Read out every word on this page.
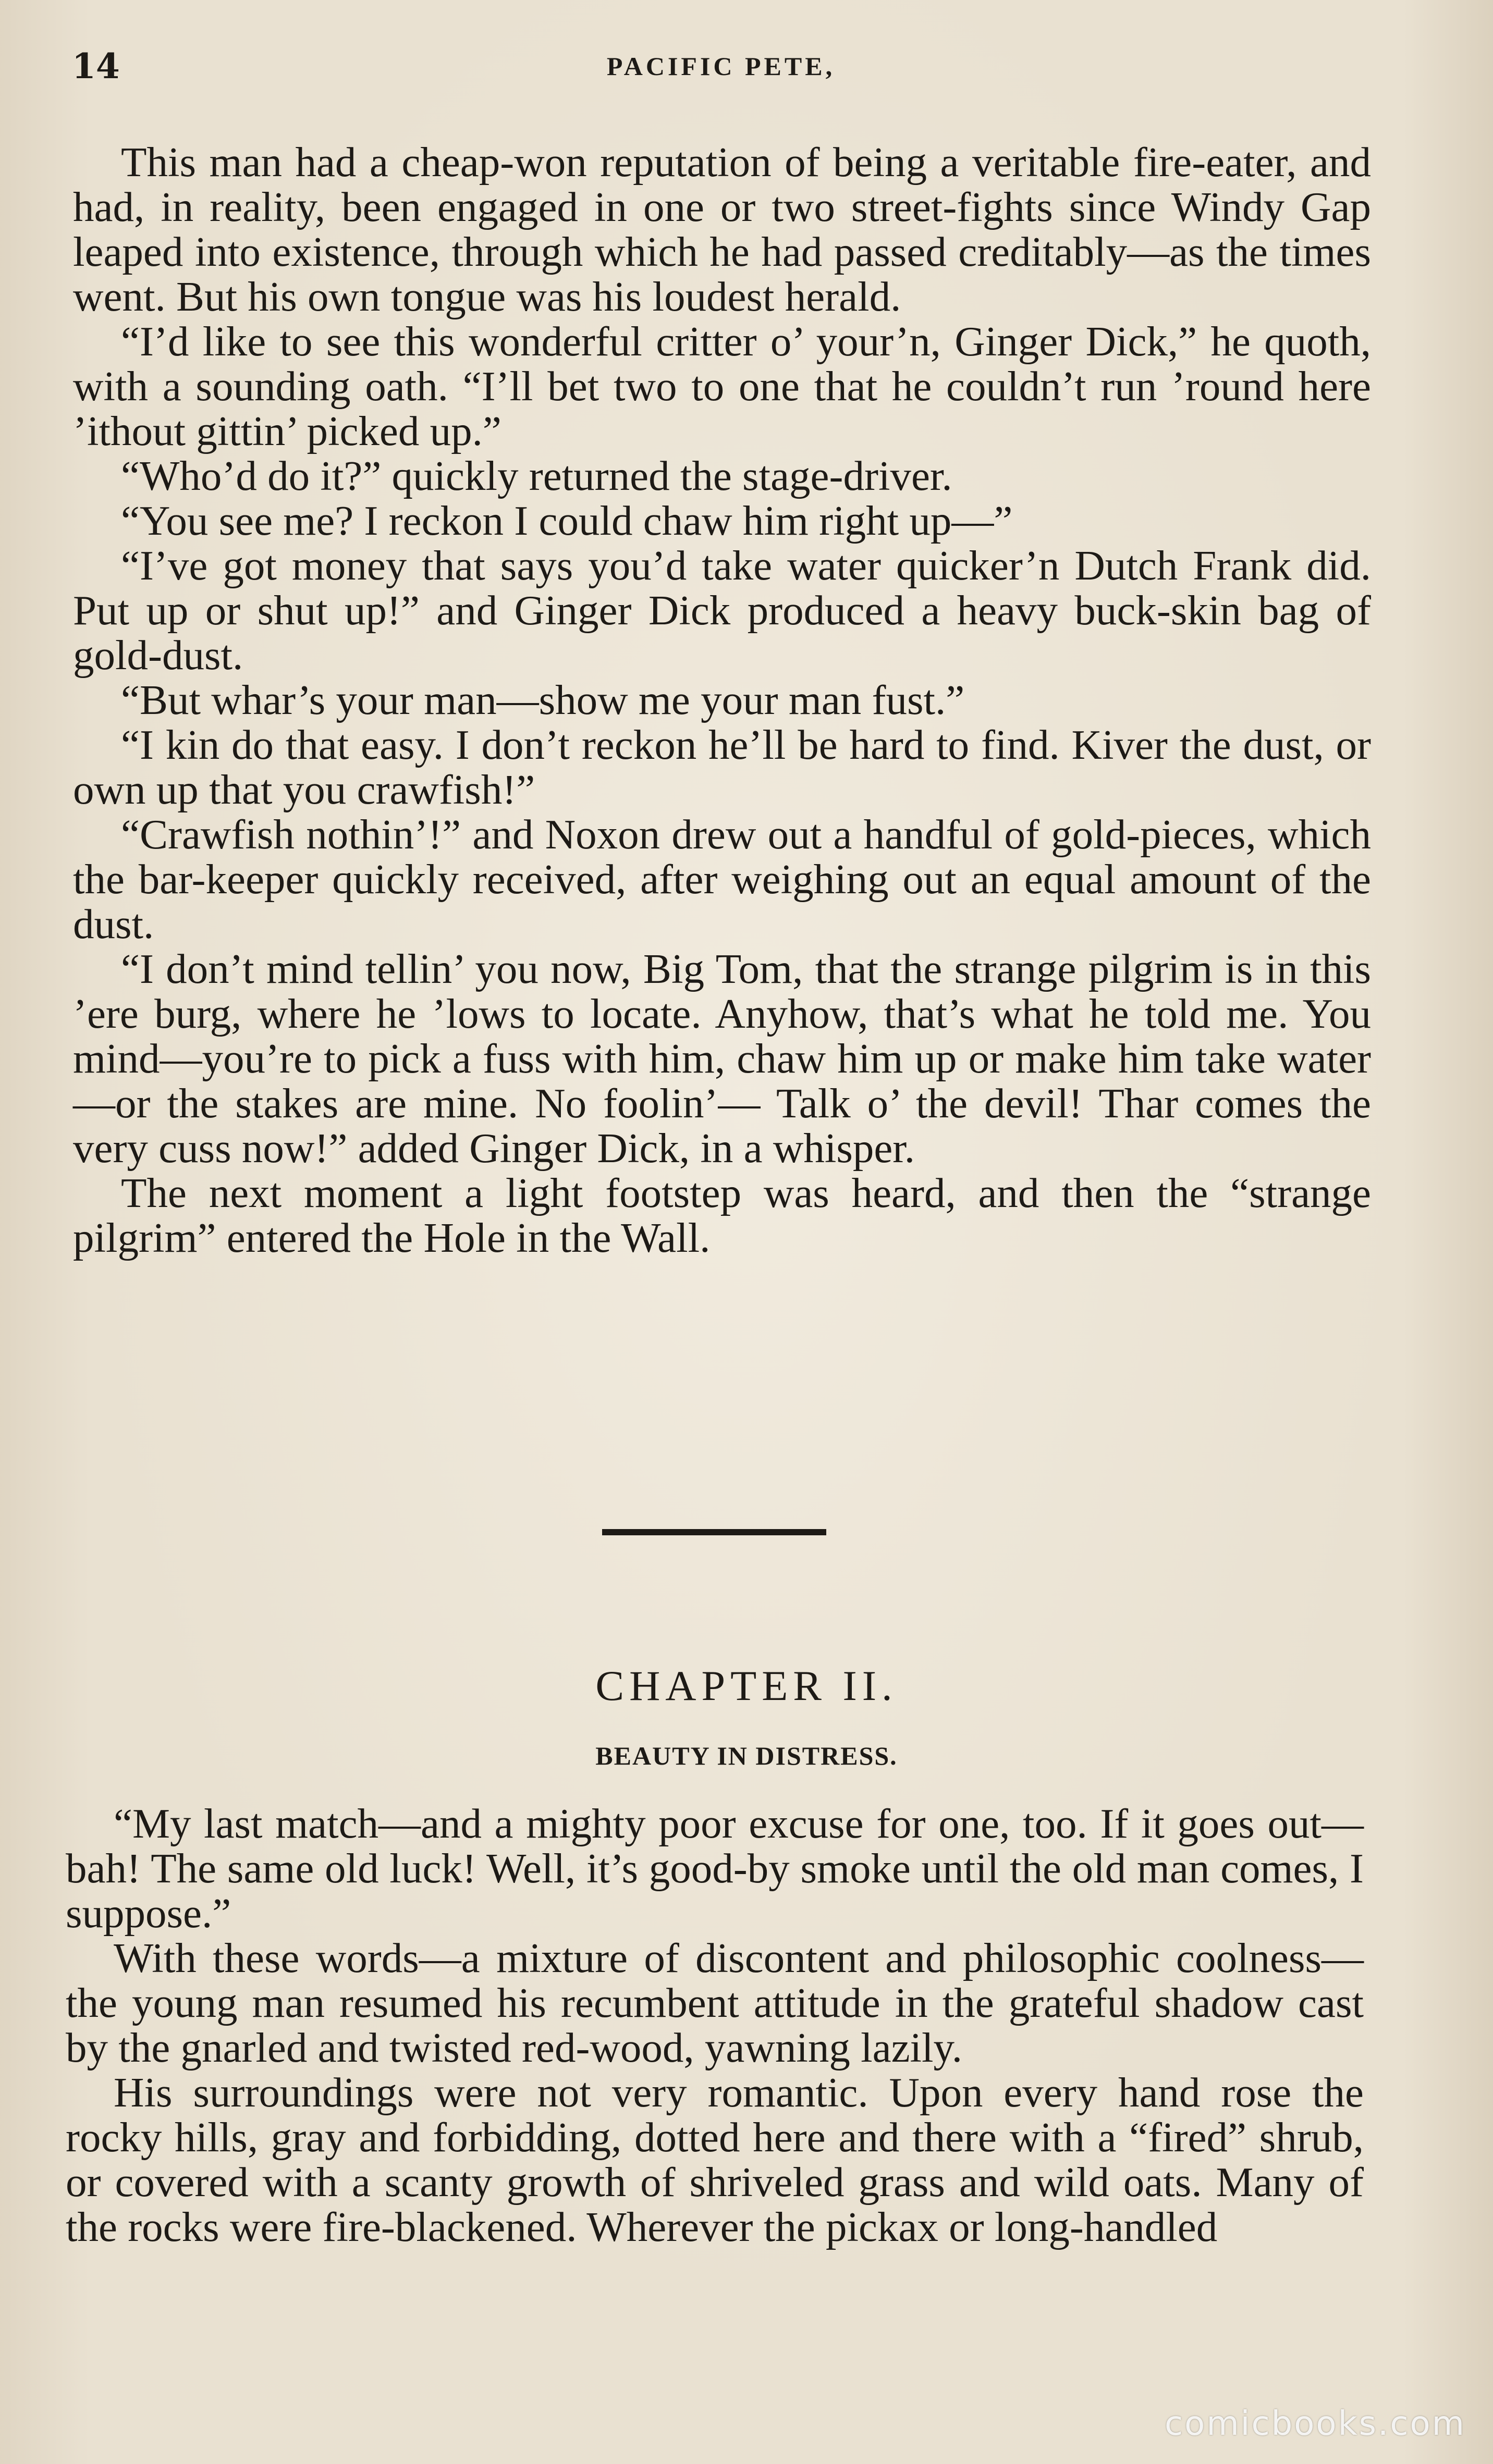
14	PACIFIC PETE,

This man had a cheap-won reputation of being a veritable fire-eater, and had, in reality, been engaged in one or two street-fights since Windy Gap leaped into existence, through which he had passed creditably—as the times went. But his own tongue was his loudest herald.

“I’d like to see this wonderful critter o’ your’n, Ginger Dick,” he quoth, with a sounding oath. “I’ll bet two to one that he couldn’t run ’round here ’ithout gittin’ picked up.”

“Who’d do it?” quickly returned the stage-driver.

“You see me? I reckon I could chaw him right up—”

“I’ve got money that says you’d take water quicker’n Dutch Frank did. Put up or shut up!” and Ginger Dick produced a heavy buck-skin bag of gold-dust.

“But whar’s your man—show me your man fust.”

“I kin do that easy. I don’t reckon he’ll be hard to find. Kiver the dust, or own up that you crawfish!”

“Crawfish nothin’!” and Noxon drew out a handful of gold-pieces, which the bar-keeper quickly received, after weighing out an equal amount of the dust.

“I don’t mind tellin’ you now, Big Tom, that the strange pilgrim is in this ’ere burg, where he ’lows to locate. Anyhow, that’s what he told me. You mind—you’re to pick a fuss with him, chaw him up or make him take water—or the stakes are mine. No foolin’— Talk o’ the devil! Thar comes the very cuss now!” added Ginger Dick, in a whisper.

The next moment a light footstep was heard, and then the “strange pilgrim” entered the Hole in the Wall.

CHAPTER II.
BEAUTY IN DISTRESS.

“My last match—and a mighty poor excuse for one, too. If it goes out—bah! The same old luck! Well, it’s good-by smoke until the old man comes, I suppose.”

With these words—a mixture of discontent and philosophic coolness—the young man resumed his recumbent attitude in the grateful shadow cast by the gnarled and twisted red-wood, yawning lazily.

His surroundings were not very romantic. Upon every hand rose the rocky hills, gray and forbidding, dotted here and there with a “fired” shrub, or covered with a scanty growth of shriveled grass and wild oats. Many of the rocks were fire-blackened. Wherever the pickax or long-handled

comicbooks.com
